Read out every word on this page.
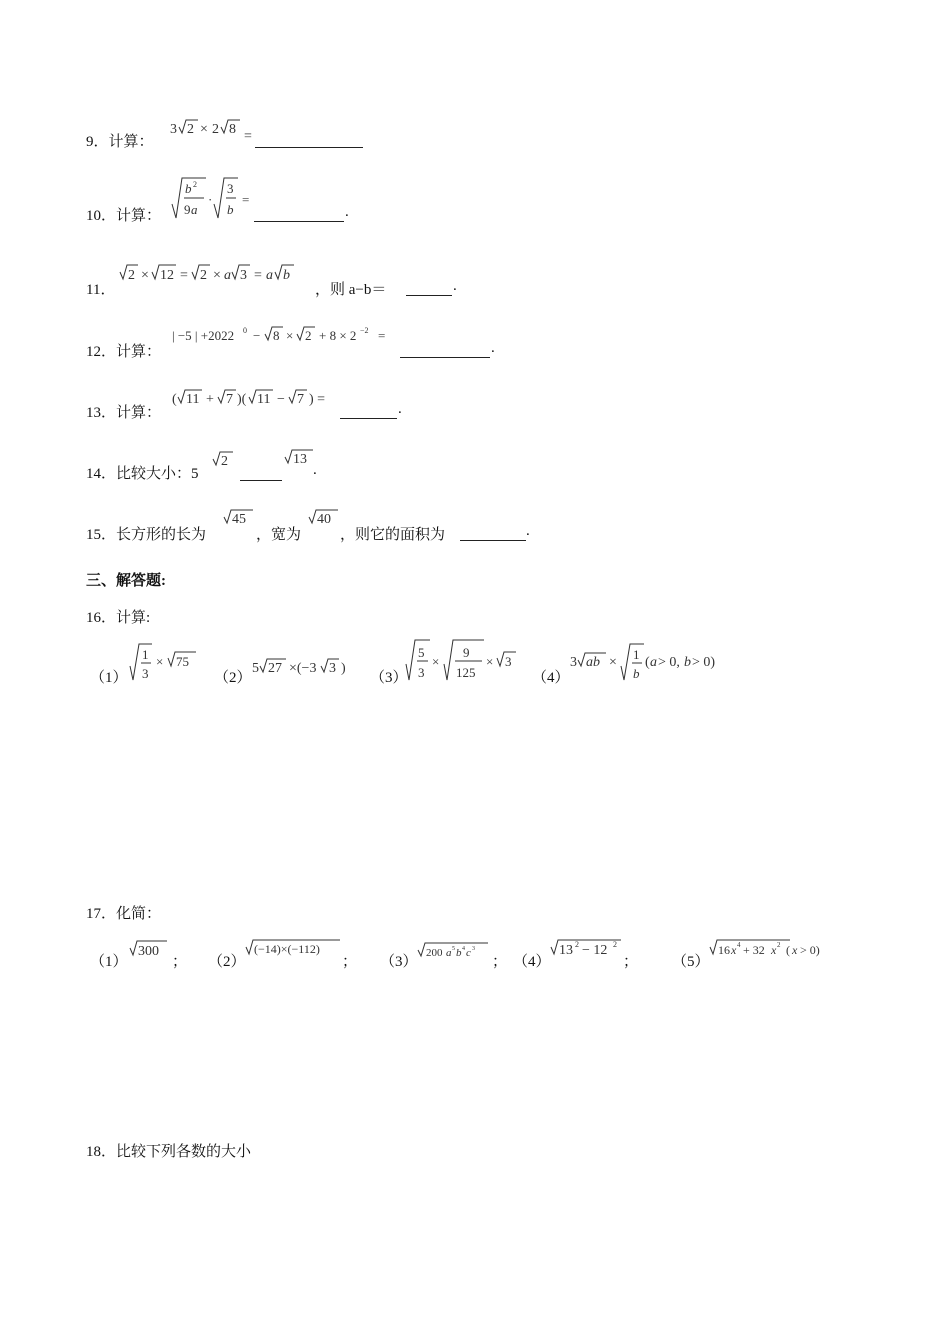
9．计算：
3 2 × 2 8 =
10．计算：
b 2
9 a
·
3
b
=
.
11．
2 × 12 = 2 × a 3 = a b
，则 a−b＝	.
12．计算：
| −5 | +2022 0 − 8 × 2 + 8 × 2 −2 =
.
13．计算：
( 11 + 7 )( 11 − 7 ) =
.
14．比较大小：5
2	13
.
15．长方形的长为
45
，宽为
40
，则它的面积为	.
三、解答题:
16．计算:
（1）
1
3
× 75
（2）
5 27 ×(−3 3 )
（3）
5
3
×
9
125
× 3
（4）
3 ab ×
1
b
( a > 0, b > 0)
17．化简：
（1）
300
； （2）
(−14)×(−112)
； （3）
200 a 5 b 4 c 3
； （4）
13 2 − 12 2
； （5）
16 x 4 + 32 x 2 ( x > 0)
18．比较下列各数的大小
